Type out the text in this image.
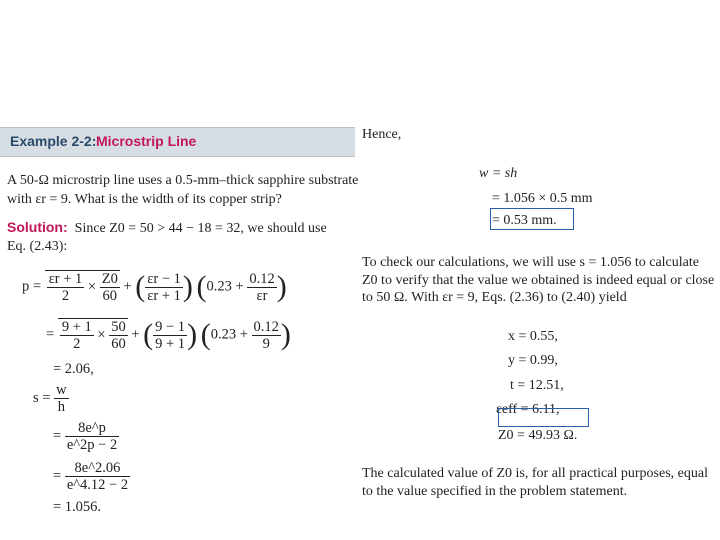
Example 2-2: Microstrip Line
A 50-Ω microstrip line uses a 0.5-mm–thick sapphire substrate
with εr = 9. What is the width of its copper strip?
Solution: Since Z0 = 50 > 44 − 18 = 32, we should use
Eq. (2.43):
$p = \frac{\varepsilon r + 1}{2} \times \frac{Z0}{60}$ + ( $\frac{\varepsilon r - 1}{\varepsilon r + 1}$ ) ($0.23 + \frac{0.12}{\varepsilon r}$ )
= $\frac{9 + 1}{2} \times \frac{50}{60}$ + ( $\frac{9 - 1}{9 + 1}$ ) ($0.23 + \frac{0.12}{9}$ )
= 2.06,
$s = \frac{w}{h}$
= $\frac{8e\^{}p}{e\^{}2p - 2}$
= $\frac{8e\^{}2.06}{e\^{}4.12 - 2}$
= 1.056.
Hence,
w = sh
= 1.056 × 0.5 mm
= 0.53 mm.
To check our calculations, we will use s = 1.056 to calculate
Z0 to verify that the value we obtained is indeed equal or close
to 50 Ω. With εr = 9, Eqs. (2.36) to (2.40) yield
x = 0.55,
y = 0.99,
t = 12.51,
εeff = 6.11,
Z0 = 49.93 Ω.
The calculated value of Z0 is, for all practical purposes, equal
to the value specified in the problem statement.
